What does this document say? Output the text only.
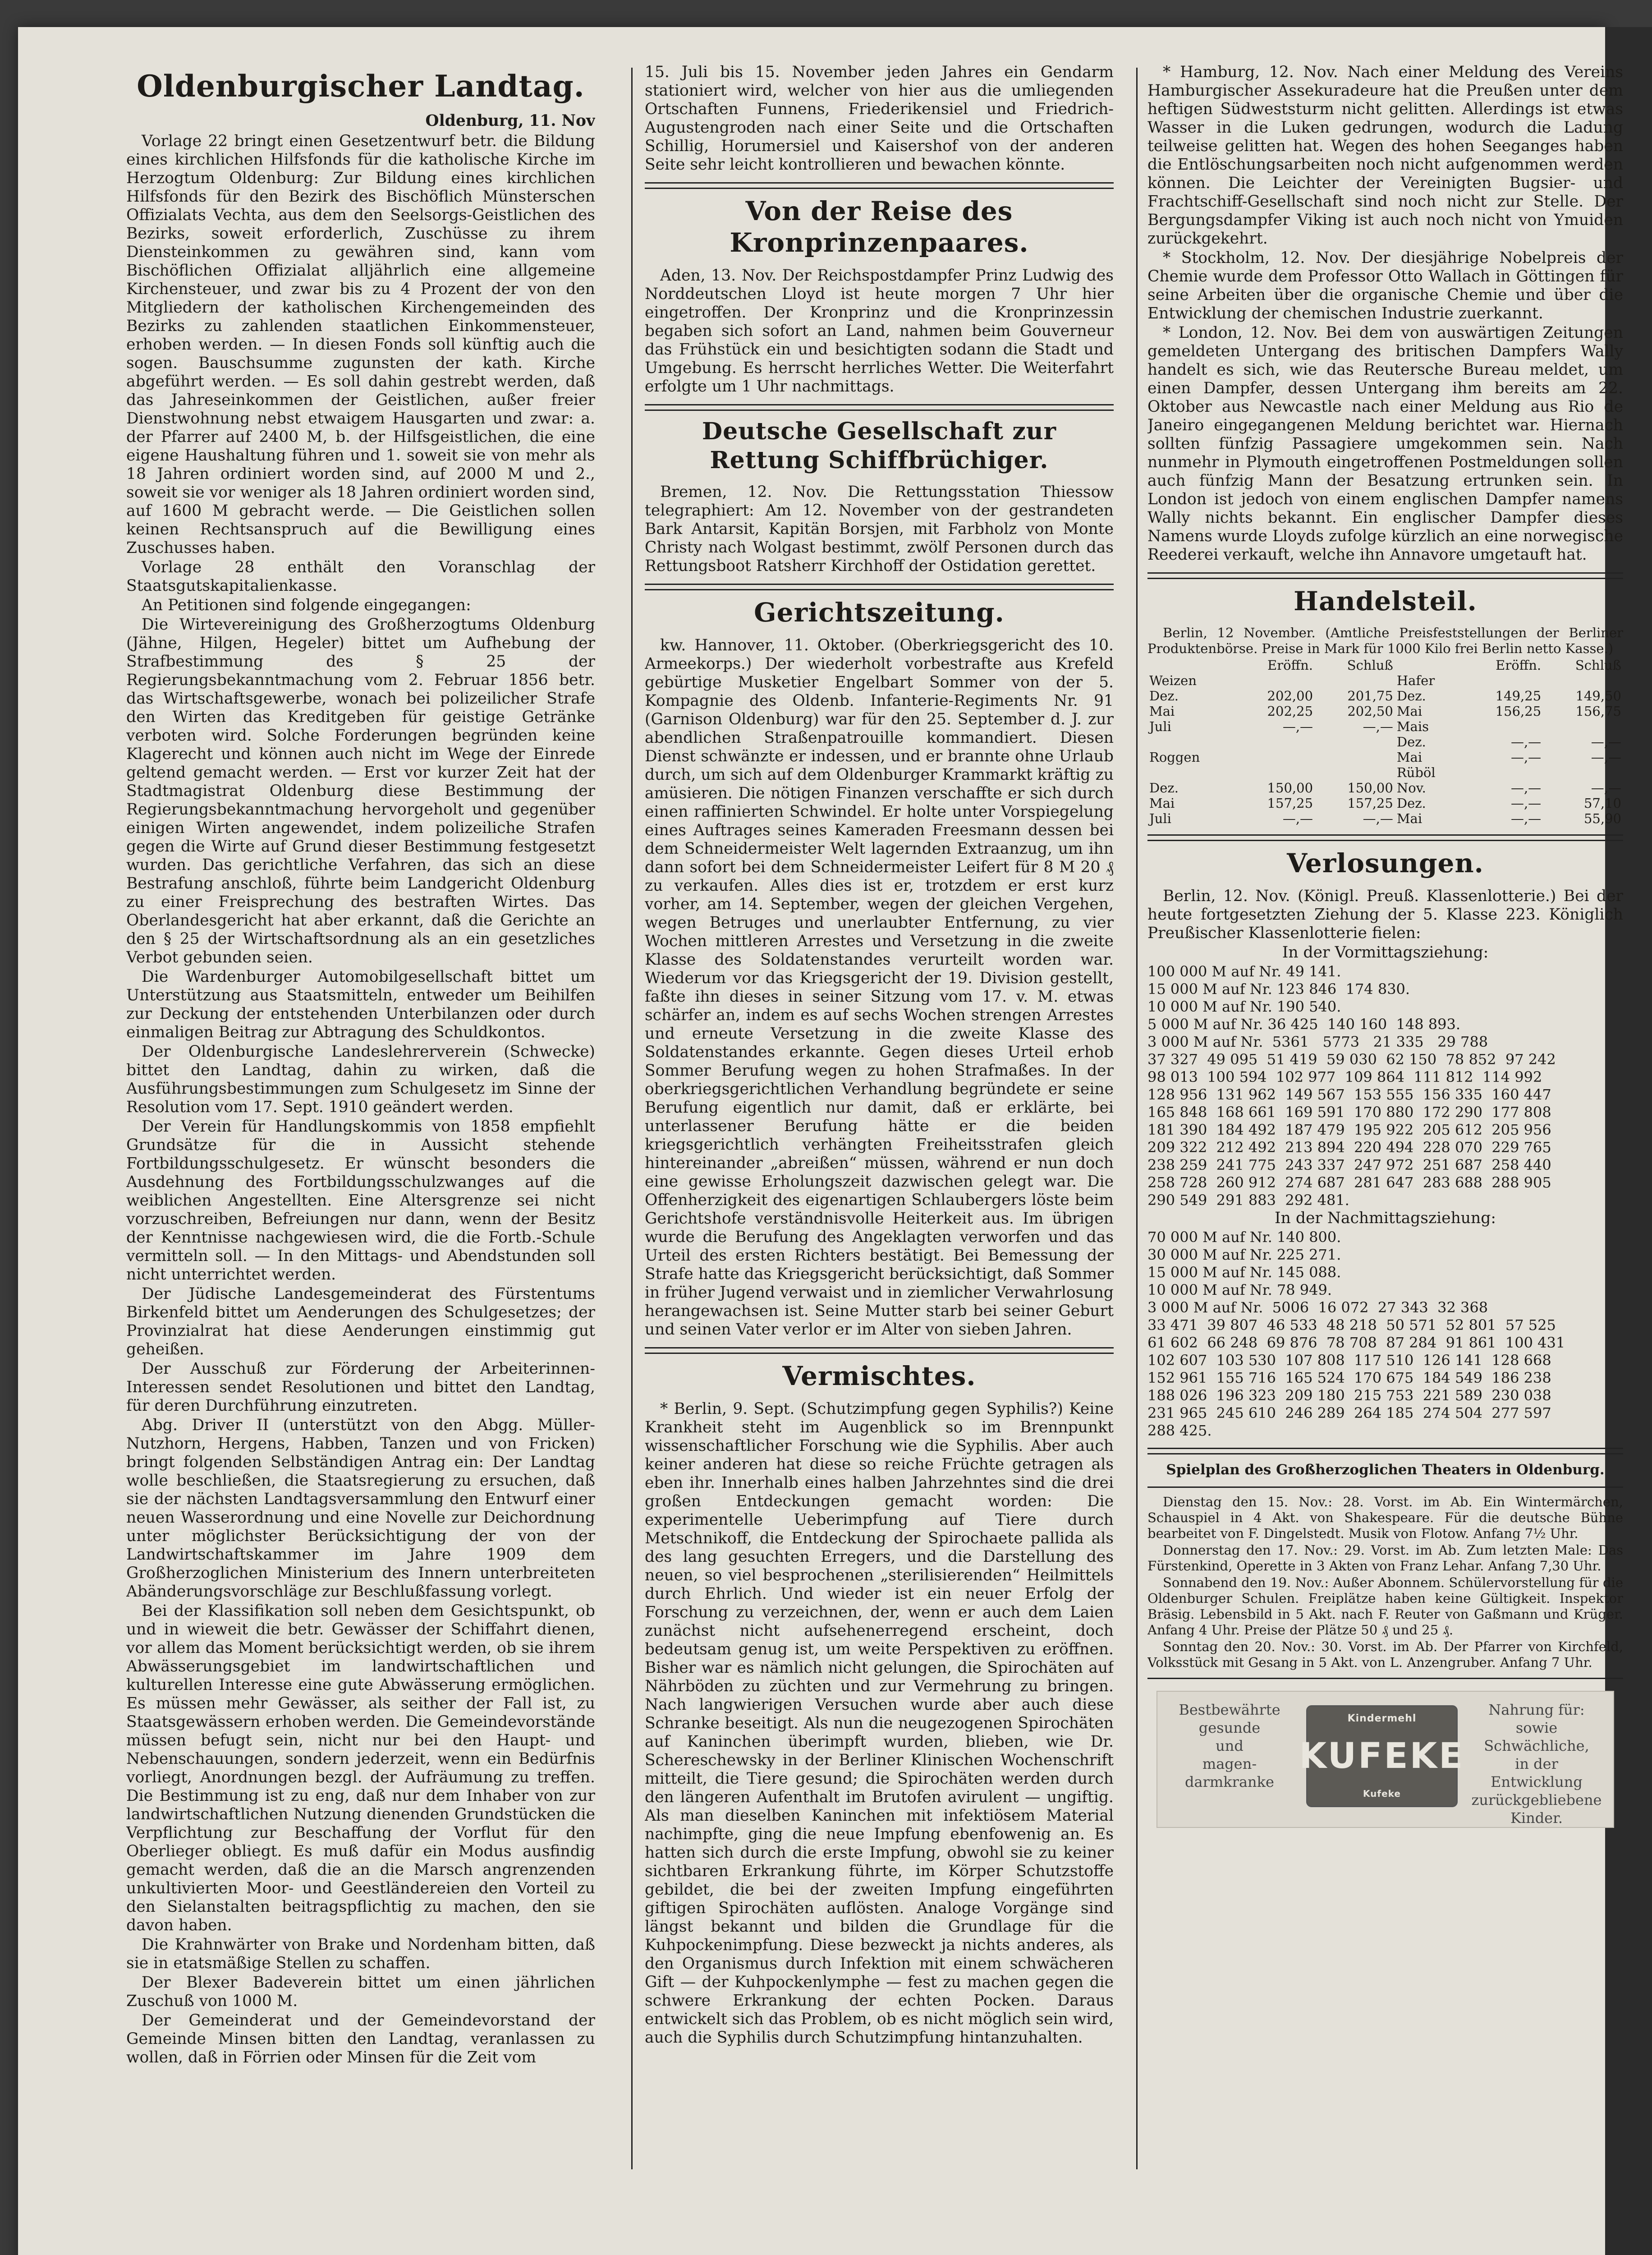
Oldenburgischer Landtag.
Oldenburg, 11. Nov

Vorlage 22 bringt einen Gesetzentwurf betr. die Bildung eines kirchlichen Hilfsfonds für die katholische Kirche im Herzogtum Oldenburg: Zur Bildung eines kirchlichen Hilfsfonds für den Bezirk des Bischöflich Münsterschen Offizialats Vechta, aus dem den Seelsorgs-Geistlichen des Bezirks, soweit erforderlich, Zuschüsse zu ihrem Diensteinkommen zu gewähren sind, kann vom Bischöflichen Offizialat alljährlich eine allgemeine Kirchensteuer, und zwar bis zu 4 Prozent der von den Mitgliedern der katholischen Kirchengemeinden des Bezirks zu zahlenden staatlichen Einkommensteuer, erhoben werden. — In diesen Fonds soll künftig auch die sogen. Bauschsumme zugunsten der kath. Kirche abgeführt werden. — Es soll dahin gestrebt werden, daß das Jahreseinkommen der Geistlichen, außer freier Dienstwohnung nebst etwaigem Hausgarten und zwar: a. der Pfarrer auf 2400 M, b. der Hilfsgeistlichen, die eine eigene Haushaltung führen und 1. soweit sie von mehr als 18 Jahren ordiniert worden sind, auf 2000 M und 2., soweit sie vor weniger als 18 Jahren ordiniert worden sind, auf 1600 M gebracht werde. — Die Geistlichen sollen keinen Rechtsanspruch auf die Bewilligung eines Zuschusses haben.

Vorlage 28 enthält den Voranschlag der Staatsgutskapitalienkasse.

An Petitionen sind folgende eingegangen:

Die Wirtevereinigung des Großherzogtums Oldenburg (Jähne, Hilgen, Hegeler) bittet um Aufhebung der Strafbestimmung des § 25 der Regierungsbekanntmachung vom 2. Februar 1856 betr. das Wirtschaftsgewerbe, wonach bei polizeilicher Strafe den Wirten das Kreditgeben für geistige Getränke verboten wird. Solche Forderungen begründen keine Klagerecht und können auch nicht im Wege der Einrede geltend gemacht werden. — Erst vor kurzer Zeit hat der Stadtmagistrat Oldenburg diese Bestimmung der Regierungsbekanntmachung hervorgeholt und gegenüber einigen Wirten angewendet, indem polizeiliche Strafen gegen die Wirte auf Grund dieser Bestimmung festgesetzt wurden. Das gerichtliche Verfahren, das sich an diese Bestrafung anschloß, führte beim Landgericht Oldenburg zu einer Freisprechung des bestraften Wirtes. Das Oberlandesgericht hat aber erkannt, daß die Gerichte an den § 25 der Wirtschaftsordnung als an ein gesetzliches Verbot gebunden seien.

Die Wardenburger Automobilgesellschaft bittet um Unterstützung aus Staatsmitteln, entweder um Beihilfen zur Deckung der entstehenden Unterbilanzen oder durch einmaligen Beitrag zur Abtragung des Schuldkontos.

Der Oldenburgische Landeslehrerverein (Schwecke) bittet den Landtag, dahin zu wirken, daß die Ausführungsbestimmungen zum Schulgesetz im Sinne der Resolution vom 17. Sept. 1910 geändert werden.

Der Verein für Handlungskommis von 1858 empfiehlt Grundsätze für die in Aussicht stehende Fortbildungsschulgesetz. Er wünscht besonders die Ausdehnung des Fortbildungsschulzwanges auf die weiblichen Angestellten. Eine Altersgrenze sei nicht vorzuschreiben, Befreiungen nur dann, wenn der Besitz der Kenntnisse nachgewiesen wird, die die Fortb.-Schule vermitteln soll. — In den Mittags- und Abendstunden soll nicht unterrichtet werden.

Der Jüdische Landesgemeinderat des Fürstentums Birkenfeld bittet um Aenderungen des Schulgesetzes; der Provinzialrat hat diese Aenderungen einstimmig gut geheißen.

Der Ausschuß zur Förderung der Arbeiterinnen-Interessen sendet Resolutionen und bittet den Landtag, für deren Durchführung einzutreten.

Abg. Driver II (unterstützt von den Abgg. Müller-Nutzhorn, Hergens, Habben, Tanzen und von Fricken) bringt folgenden Selbständigen Antrag ein: Der Landtag wolle beschließen, die Staatsregierung zu ersuchen, daß sie der nächsten Landtagsversammlung den Entwurf einer neuen Wasserordnung und eine Novelle zur Deichordnung unter möglichster Berücksichtigung der von der Landwirtschaftskammer im Jahre 1909 dem Großherzoglichen Ministerium des Innern unterbreiteten Abänderungsvorschläge zur Beschlußfassung vorlegt.

Bei der Klassifikation soll neben dem Gesichtspunkt, ob und in wieweit die betr. Gewässer der Schiffahrt dienen, vor allem das Moment berücksichtigt werden, ob sie ihrem Abwässerungsgebiet im landwirtschaftlichen und kulturellen Interesse eine gute Abwässerung ermöglichen. Es müssen mehr Gewässer, als seither der Fall ist, zu Staatsgewässern erhoben werden. Die Gemeindevorstände müssen befugt sein, nicht nur bei den Haupt- und Nebenschauungen, sondern jederzeit, wenn ein Bedürfnis vorliegt, Anordnungen bezgl. der Aufräumung zu treffen. Die Bestimmung ist zu eng, daß nur dem Inhaber von zur landwirtschaftlichen Nutzung dienenden Grundstücken die Verpflichtung zur Beschaffung der Vorflut für den Oberlieger obliegt. Es muß dafür ein Modus ausfindig gemacht werden, daß die an die Marsch angrenzenden unkultivierten Moor- und Geestländereien den Vorteil zu den Sielanstalten beitragspflichtig zu machen, den sie davon haben.

Die Krahnwärter von Brake und Nordenham bitten, daß sie in etatsmäßige Stellen zu schaffen.

Der Blexer Badeverein bittet um einen jährlichen Zuschuß von 1000 M.

Der Gemeinderat und der Gemeindevorstand der Gemeinde Minsen bitten den Landtag, veranlassen zu wollen, daß in Förrien oder Minsen für die Zeit vom

15. Juli bis 15. November jeden Jahres ein Gendarm stationiert wird, welcher von hier aus die umliegenden Ortschaften Funnens, Friederikensiel und Friedrich-Augustengroden nach einer Seite und die Ortschaften Schillig, Horumersiel und Kaisershof von der anderen Seite sehr leicht kontrollieren und bewachen könnte.

Von der Reise des Kronprinzenpaares.

Aden, 13. Nov. Der Reichspostdampfer Prinz Ludwig des Norddeutschen Lloyd ist heute morgen 7 Uhr hier eingetroffen. Der Kronprinz und die Kronprinzessin begaben sich sofort an Land, nahmen beim Gouverneur das Frühstück ein und besichtigten sodann die Stadt und Umgebung. Es herrscht herrliches Wetter. Die Weiterfahrt erfolgte um 1 Uhr nachmittags.

Deutsche Gesellschaft zur Rettung Schiffbrüchiger.

Bremen, 12. Nov. Die Rettungsstation Thiessow telegraphiert: Am 12. November von der gestrandeten Bark Antarsit, Kapitän Borsjen, mit Farbholz von Monte Christy nach Wolgast bestimmt, zwölf Personen durch das Rettungsboot Ratsherr Kirchhoff der Ostidation gerettet.

Gerichtszeitung.

kw. Hannover, 11. Oktober. (Oberkriegsgericht des 10. Armeekorps.) Der wiederholt vorbestrafte aus Krefeld gebürtige Musketier Engelbart Sommer von der 5. Kompagnie des Oldenb. Infanterie-Regiments Nr. 91 (Garnison Oldenburg) war für den 25. September d. J. zur abendlichen Straßenpatrouille kommandiert. Diesen Dienst schwänzte er indessen, und er brannte ohne Urlaub durch, um sich auf dem Oldenburger Krammarkt kräftig zu amüsieren. Die nötigen Finanzen verschaffte er sich durch einen raffinierten Schwindel. Er holte unter Vorspiegelung eines Auftrages seines Kameraden Freesmann dessen bei dem Schneidermeister Welt lagernden Extraanzug, um ihn dann sofort bei dem Schneidermeister Leifert für 8 M 20 ₰ zu verkaufen. Alles dies ist er, trotzdem er erst kurz vorher, am 14. September, wegen der gleichen Vergehen, wegen Betruges und unerlaubter Entfernung, zu vier Wochen mittleren Arrestes und Versetzung in die zweite Klasse des Soldatenstandes verurteilt worden war. Wiederum vor das Kriegsgericht der 19. Division gestellt, faßte ihn dieses in seiner Sitzung vom 17. v. M. etwas schärfer an, indem es auf sechs Wochen strengen Arrestes und erneute Versetzung in die zweite Klasse des Soldatenstandes erkannte. Gegen dieses Urteil erhob Sommer Berufung wegen zu hohen Strafmaßes. In der oberkriegsgerichtlichen Verhandlung begründete er seine Berufung eigentlich nur damit, daß er erklärte, bei unterlassener Berufung hätte er die beiden kriegsgerichtlich verhängten Freiheitsstrafen gleich hintereinander „abreißen“ müssen, während er nun doch eine gewisse Erholungszeit dazwischen gelegt war. Die Offenherzigkeit des eigenartigen Schlaubergers löste beim Gerichtshofe verständnisvolle Heiterkeit aus. Im übrigen wurde die Berufung des Angeklagten verworfen und das Urteil des ersten Richters bestätigt. Bei Bemessung der Strafe hatte das Kriegsgericht berücksichtigt, daß Sommer in früher Jugend verwaist und in ziemlicher Verwahrlosung herangewachsen ist. Seine Mutter starb bei seiner Geburt und seinen Vater verlor er im Alter von sieben Jahren.

Vermischtes.

* Berlin, 9. Sept. (Schutzimpfung gegen Syphilis?) Keine Krankheit steht im Augenblick so im Brennpunkt wissenschaftlicher Forschung wie die Syphilis. Aber auch keiner anderen hat diese so reiche Früchte getragen als eben ihr. Innerhalb eines halben Jahrzehntes sind die drei großen Entdeckungen gemacht worden: Die experimentelle Ueberimpfung auf Tiere durch Metschnikoff, die Entdeckung der Spirochaete pallida als des lang gesuchten Erregers, und die Darstellung des neuen, so viel besprochenen „sterilisierenden“ Heilmittels durch Ehrlich. Und wieder ist ein neuer Erfolg der Forschung zu verzeichnen, der, wenn er auch dem Laien zunächst nicht aufsehenerregend erscheint, doch bedeutsam genug ist, um weite Perspektiven zu eröffnen. Bisher war es nämlich nicht gelungen, die Spirochäten auf Nährböden zu züchten und zur Vermehrung zu bringen. Nach langwierigen Versuchen wurde aber auch diese Schranke beseitigt. Als nun die neugezogenen Spirochäten auf Kaninchen überimpft wurden, blieben, wie Dr. Schereschewsky in der Berliner Klinischen Wochenschrift mitteilt, die Tiere gesund; die Spirochäten werden durch den längeren Aufenthalt im Brutofen avirulent — ungiftig. Als man dieselben Kaninchen mit infektiösem Material nachimpfte, ging die neue Impfung ebenfowenig an. Es hatten sich durch die erste Impfung, obwohl sie zu keiner sichtbaren Erkrankung führte, im Körper Schutzstoffe gebildet, die bei der zweiten Impfung eingeführten giftigen Spirochäten auflösten. Analoge Vorgänge sind längst bekannt und bilden die Grundlage für die Kuhpockenimpfung. Diese bezweckt ja nichts anderes, als den Organismus durch Infektion mit einem schwächeren Gift — der Kuhpockenlymphe — fest zu machen gegen die schwere Erkrankung der echten Pocken. Daraus entwickelt sich das Problem, ob es nicht möglich sein wird, auch die Syphilis durch Schutzimpfung hintanzuhalten.

* Hamburg, 12. Nov. Nach einer Meldung des Vereins Hamburgischer Assekuradeure hat die Preußen unter dem heftigen Südweststurm nicht gelitten. Allerdings ist etwas Wasser in die Luken gedrungen, wodurch die Ladung teilweise gelitten hat. Wegen des hohen Seeganges haben die Entlöschungsarbeiten noch nicht aufgenommen werden können. Die Leichter der Vereinigten Bugsier- und Frachtschiff-Gesellschaft sind noch nicht zur Stelle. Der Bergungsdampfer Viking ist auch noch nicht von Ymuiden zurückgekehrt.

* Stockholm, 12. Nov. Der diesjährige Nobelpreis der Chemie wurde dem Professor Otto Wallach in Göttingen für seine Arbeiten über die organische Chemie und über die Entwicklung der chemischen Industrie zuerkannt.

* London, 12. Nov. Bei dem von auswärtigen Zeitungen gemeldeten Untergang des britischen Dampfers Wally handelt es sich, wie das Reutersche Bureau meldet, um einen Dampfer, dessen Untergang ihm bereits am 22. Oktober aus Newcastle nach einer Meldung aus Rio de Janeiro eingegangenen Meldung berichtet war. Hiernach sollten fünfzig Passagiere umgekommen sein. Nach nunmehr in Plymouth eingetroffenen Postmeldungen sollen auch fünfzig Mann der Besatzung ertrunken sein. In London ist jedoch von einem englischen Dampfer namens Wally nichts bekannt. Ein englischer Dampfer dieses Namens wurde Lloyds zufolge kürzlich an eine norwegische Reederei verkauft, welche ihn Annavore umgetauft hat.

Handelsteil.

Berlin, 12 November. (Amtliche Preisfeststellungen der Berliner Produktenbörse. Preise in Mark für 1000 Kilo frei Berlin netto Kasse.)

	Eröffn.	Schluß		Eröffn.	Schluß
Weizen			Hafer		
Dez.	202,00	201,75	Dez.	149,25	149,50
Mai	202,25	202,50	Mai	156,25	156,75
Juli	—,—	—,—	Mais		
			Dez.	—,—	—,—
Roggen			Mai	—,—	—,—
			Rüböl		
Dez.	150,00	150,00	Nov.	—,—	—,—
Mai	157,25	157,25	Dez.	—,—	57,10
Juli	—,—	—,—	Mai	—,—	55,90
Verlosungen.

Berlin, 12. Nov. (Königl. Preuß. Klassenlotterie.) Bei der heute fortgesetzten Ziehung der 5. Klasse 223. Königlich Preußischer Klassenlotterie fielen:

In der Vormittagsziehung:

100 000 M auf Nr. 49 141.
15 000 M auf Nr. 123 846  174 830.
10 000 M auf Nr. 190 540.
5 000 M auf Nr. 36 425  140 160  148 893.
3 000 M auf Nr.  5361   5773   21 335   29 788
37 327  49 095  51 419  59 030  62 150  78 852  97 242
98 013  100 594  102 977  109 864  111 812  114 992
128 956  131 962  149 567  153 555  156 335  160 447
165 848  168 661  169 591  170 880  172 290  177 808
181 390  184 492  187 479  195 922  205 612  205 956
209 322  212 492  213 894  220 494  228 070  229 765
238 259  241 775  243 337  247 972  251 687  258 440
258 728  260 912  274 687  281 647  283 688  288 905
290 549  291 883  292 481.

In der Nachmittagsziehung:

70 000 M auf Nr. 140 800.
30 000 M auf Nr. 225 271.
15 000 M auf Nr. 145 088.
10 000 M auf Nr. 78 949.
3 000 M auf Nr.  5006  16 072  27 343  32 368
33 471  39 807  46 533  48 218  50 571  52 801  57 525
61 602  66 248  69 876  78 708  87 284  91 861  100 431
102 607  103 530  107 808  117 510  126 141  128 668
152 961  155 716  165 524  170 675  184 549  186 238
188 026  196 323  209 180  215 753  221 589  230 038
231 965  245 610  246 289  264 185  274 504  277 597
288 425.

Spielplan des Großherzoglichen Theaters in Oldenburg.

Dienstag den 15. Nov.: 28. Vorst. im Ab. Ein Wintermärchen, Schauspiel in 4 Akt. von Shakespeare. Für die deutsche Bühne bearbeitet von F. Dingelstedt. Musik von Flotow. Anfang 7½ Uhr.

Donnerstag den 17. Nov.: 29. Vorst. im Ab. Zum letzten Male: Das Fürstenkind, Operette in 3 Akten von Franz Lehar. Anfang 7,30 Uhr.

Sonnabend den 19. Nov.: Außer Abonnem. Schülervorstellung für die Oldenburger Schulen. Freiplätze haben keine Gültigkeit. Inspektor Bräsig. Lebensbild in 5 Akt. nach F. Reuter von Gaßmann und Krüger. Anfang 4 Uhr. Preise der Plätze 50 ₰ und 25 ₰.

Sonntag den 20. Nov.: 30. Vorst. im Ab. Der Pfarrer von Kirchfeld, Volksstück mit Gesang in 5 Akt. von L. Anzengruber. Anfang 7 Uhr.

Bestbewährte
gesunde
und
magen-
darmkranke
Kindermehl
KUFEKE
Kufeke
Nahrung für:
sowie
Schwächliche,
in der Entwicklung
zurückgebliebene
Kinder.
